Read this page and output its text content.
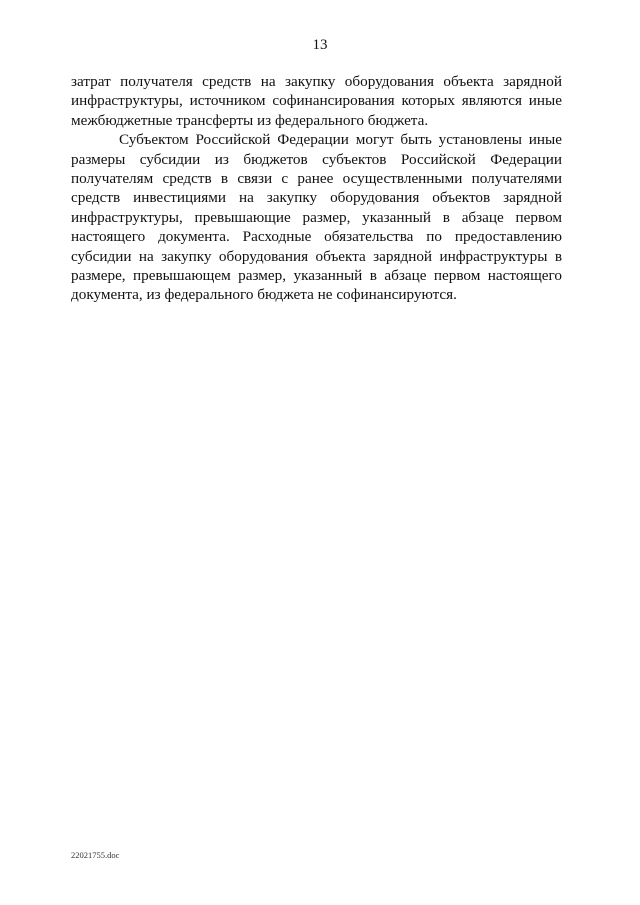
13

затрат получателя средств на закупку оборудования объекта зарядной инфраструктуры, источником софинансирования которых являются иные межбюджетные трансферты из федерального бюджета.

Субъектом Российской Федерации могут быть установлены иные размеры субсидии из бюджетов субъектов Российской Федерации получателям средств в связи с ранее осуществленными получателями средств инвестициями на закупку оборудования объектов зарядной инфраструктуры, превышающие размер, указанный в абзаце первом настоящего документа. Расходные обязательства по предоставлению субсидии на закупку оборудования объекта зарядной инфраструктуры в размере, превышающем размер, указанный в абзаце первом настоящего документа, из федерального бюджета не софинансируются.

22021755.doc
